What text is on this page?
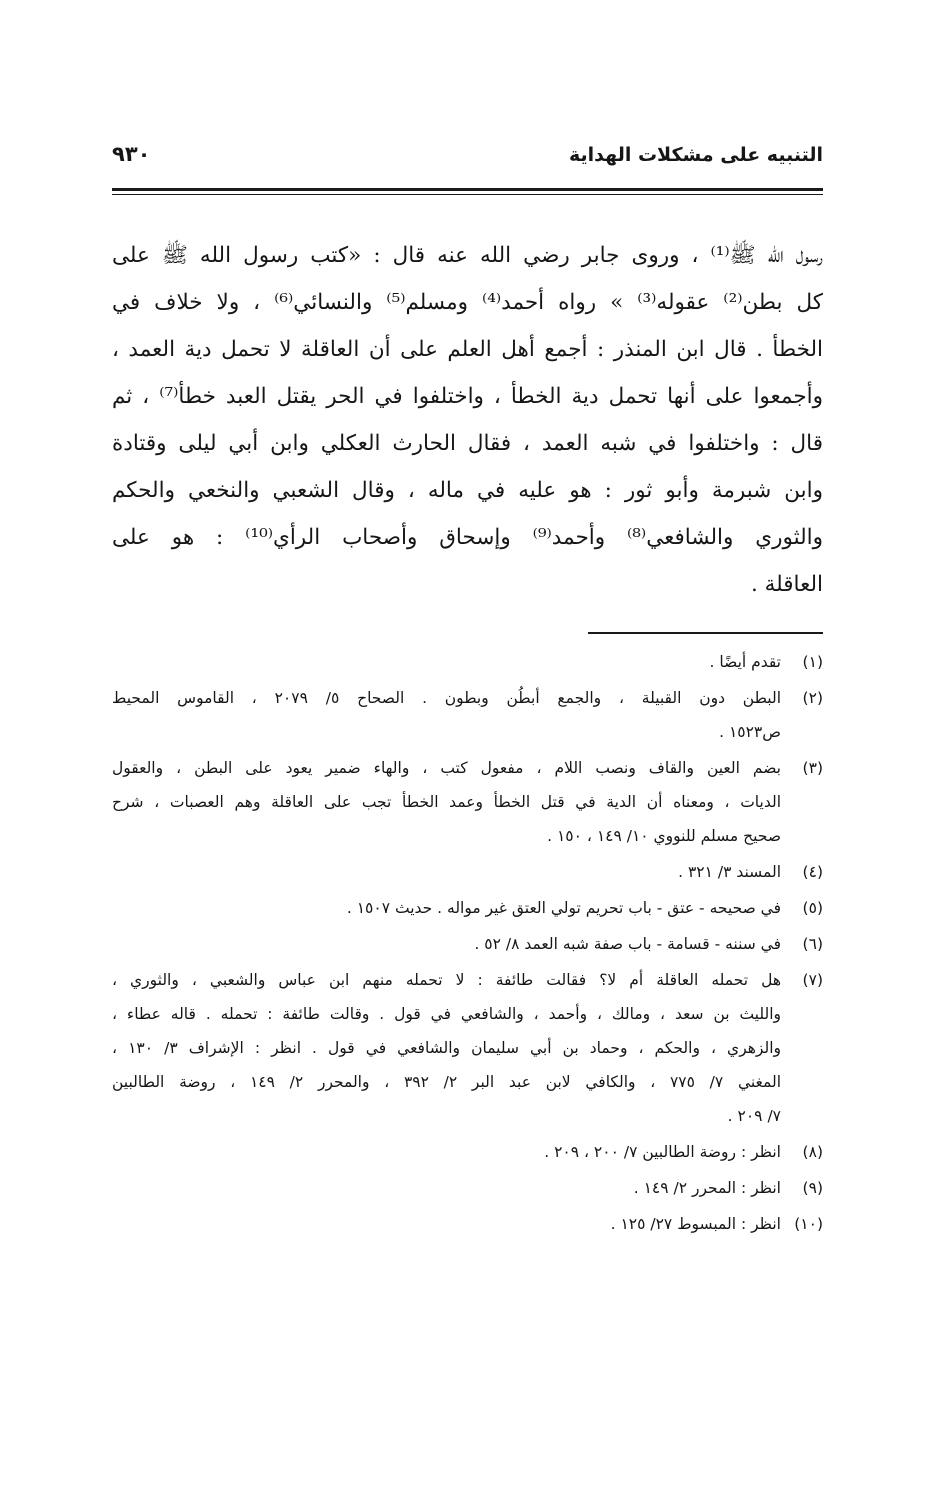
التنبيه على مشكلات الهداية
٩٣٠
رسول الله ﷺ⁽¹⁾ ، وروى جابر رضي الله عنه قال : «كتب رسول الله ﷺ على
كل بطن⁽²⁾ عقوله⁽³⁾ » رواه أحمد⁽⁴⁾ ومسلم⁽⁵⁾ والنسائي⁽⁶⁾ ، ولا خلاف في
الخطأ . قال ابن المنذر : أجمع أهل العلم على أن العاقلة لا تحمل دية العمد ،
وأجمعوا على أنها تحمل دية الخطأ ، واختلفوا في الحر يقتل العبد خطأ⁽⁷⁾ ، ثم
قال : واختلفوا في شبه العمد ، فقال الحارث العكلي وابن أبي ليلى وقتادة
وابن شبرمة وأبو ثور : هو عليه في ماله ، وقال الشعبي والنخعي والحكم
والثوري والشافعي⁽⁸⁾ وأحمد⁽⁹⁾ وإسحاق وأصحاب الرأي⁽¹⁰⁾ : هو على
العاقلة .
(١)
تقدم أيضًا .
(٢)
البطن دون القبيلة ، والجمع أبطُن وبطون . الصحاح ٥/ ٢٠٧٩ ، القاموس المحيط
ص١٥٢٣ .
(٣)
بضم العين والقاف ونصب اللام ، مفعول كتب ، والهاء ضمير يعود على البطن ، والعقول
الديات ، ومعناه أن الدية في قتل الخطأ وعمد الخطأ تجب على العاقلة وهم العصبات ، شرح
صحيح مسلم للنووي ١٠/ ١٤٩ ، ١٥٠ .
(٤)
المسند ٣/ ٣٢١ .
(٥)
في صحيحه - عتق - باب تحريم تولي العتق غير مواله . حديث ١٥٠٧ .
(٦)
في سننه - قسامة - باب صفة شبه العمد ٨/ ٥٢ .
(٧)
هل تحمله العاقلة أم لا؟ فقالت طائفة : لا تحمله منهم ابن عباس والشعبي ، والثوري ،
والليث بن سعد ، ومالك ، وأحمد ، والشافعي في قول . وقالت طائفة : تحمله . قاله عطاء ،
والزهري ، والحكم ، وحماد بن أبي سليمان والشافعي في قول . انظر : الإشراف ٣/ ١٣٠ ،
المغني ٧/ ٧٧٥ ، والكافي لابن عبد البر ٢/ ٣٩٢ ، والمحرر ٢/ ١٤٩ ، روضة الطالبين
٧/ ٢٠٩ .
(٨)
انظر : روضة الطالبين ٧/ ٢٠٠ ، ٢٠٩ .
(٩)
انظر : المحرر ٢/ ١٤٩ .
(١٠)
انظر : المبسوط ٢٧/ ١٢٥ .
